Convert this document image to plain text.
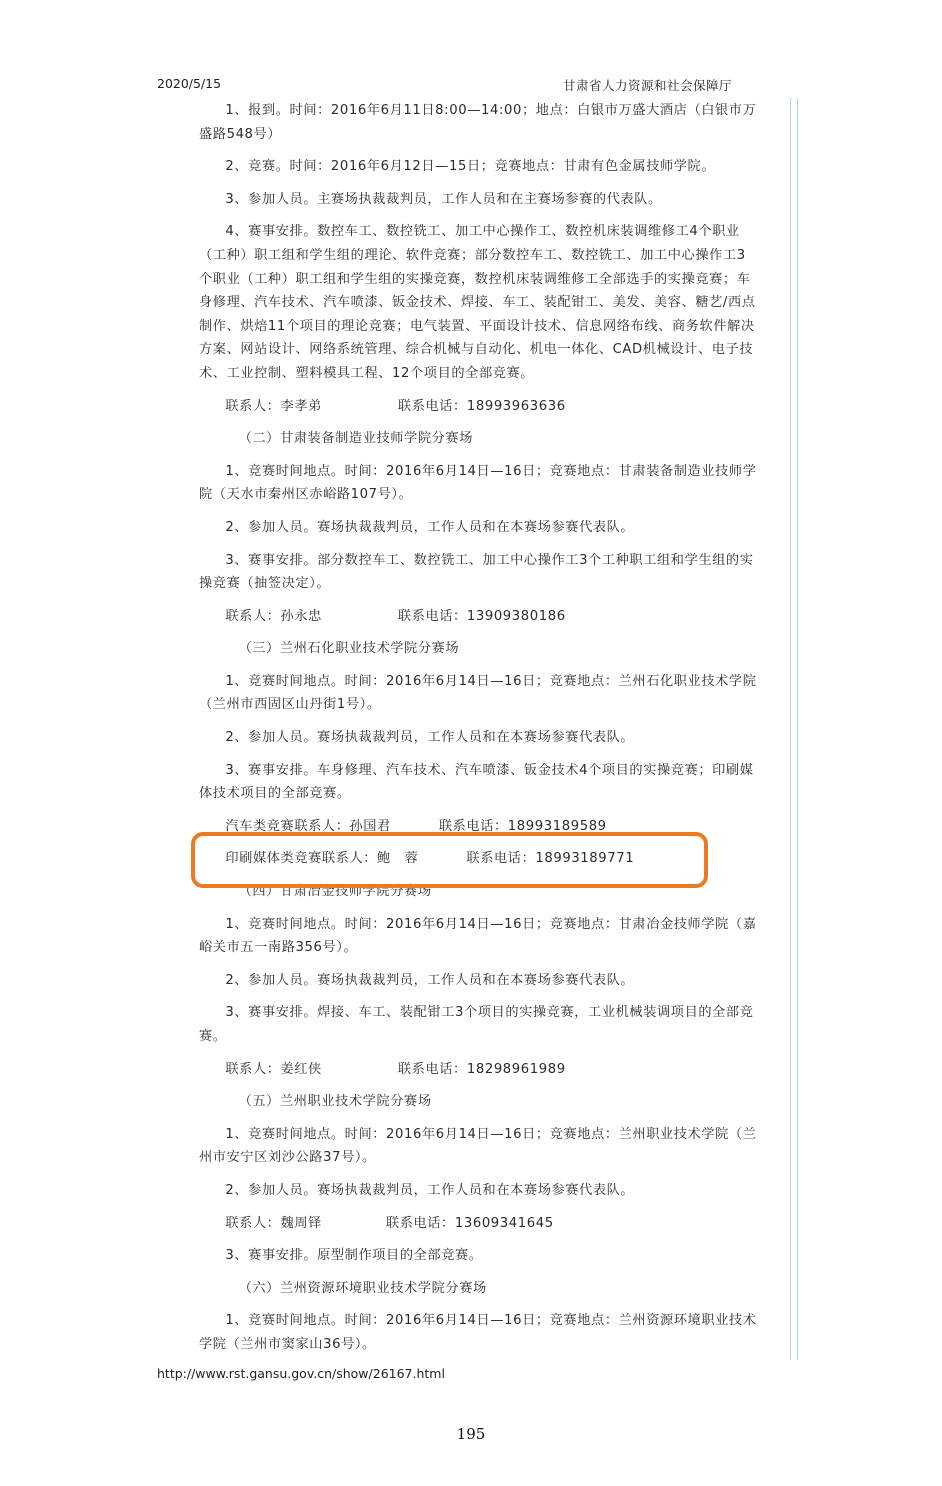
2020/5/15	甘肃省人力资源和社会保障厅

1、报到。时间：2016年6月11日8:00—14:00；地点：白银市万盛大酒店（白银市万盛路548号）

2、竞赛。时间：2016年6月12日—15日；竞赛地点：甘肃有色金属技师学院。

3、参加人员。主赛场执裁裁判员，工作人员和在主赛场参赛的代表队。

4、赛事安排。数控车工、数控铣工、加工中心操作工、数控机床装调维修工4个职业（工种）职工组和学生组的理论、软件竞赛；部分数控车工、数控铣工、加工中心操作工3个职业（工种）职工组和学生组的实操竞赛，数控机床装调维修工全部选手的实操竞赛；车身修理、汽车技术、汽车喷漆、钣金技术、焊接、车工、装配钳工、美发、美容、糖艺/西点制作、烘焙11个项目的理论竞赛；电气装置、平面设计技术、信息网络布线、商务软件解决方案、网站设计、网络系统管理、综合机械与自动化、机电一体化、CAD机械设计、电子技术、工业控制、塑料模具工程、12个项目的全部竞赛。

联系人：李孝弟	联系电话：18993963636

（二）甘肃装备制造业技师学院分赛场

1、竞赛时间地点。时间：2016年6月14日—16日；竞赛地点：甘肃装备制造业技师学院（天水市秦州区赤峪路107号）。

2、参加人员。赛场执裁裁判员，工作人员和在本赛场参赛代表队。

3、赛事安排。部分数控车工、数控铣工、加工中心操作工3个工种职工组和学生组的实操竞赛（抽签决定）。

联系人：孙永忠	联系电话：13909380186

（三）兰州石化职业技术学院分赛场

1、竞赛时间地点。时间：2016年6月14日—16日；竞赛地点：兰州石化职业技术学院（兰州市西固区山丹街1号）。

2、参加人员。赛场执裁裁判员，工作人员和在本赛场参赛代表队。

3、赛事安排。车身修理、汽车技术、汽车喷漆、钣金技术4个项目的实操竞赛；印刷媒体技术项目的全部竞赛。

汽车类竞赛联系人：孙国君	联系电话：18993189589

印刷媒体类竞赛联系人：鲍　蓉	联系电话：18993189771

（四）甘肃冶金技师学院分赛场

1、竞赛时间地点。时间：2016年6月14日—16日；竞赛地点：甘肃冶金技师学院（嘉峪关市五一南路356号）。

2、参加人员。赛场执裁裁判员，工作人员和在本赛场参赛代表队。

3、赛事安排。焊接、车工、装配钳工3个项目的实操竞赛，工业机械装调项目的全部竞赛。

联系人：姜红侠	联系电话：18298961989

（五）兰州职业技术学院分赛场

1、竞赛时间地点。时间：2016年6月14日—16日；竞赛地点：兰州职业技术学院（兰州市安宁区刘沙公路37号）。

2、参加人员。赛场执裁裁判员，工作人员和在本赛场参赛代表队。

联系人：魏周铎	联系电话：13609341645

3、赛事安排。原型制作项目的全部竞赛。

（六）兰州资源环境职业技术学院分赛场

1、竞赛时间地点。时间：2016年6月14日—16日；竞赛地点：兰州资源环境职业技术学院（兰州市窦家山36号）。

http://www.rst.gansu.gov.cn/show/26167.html
195
